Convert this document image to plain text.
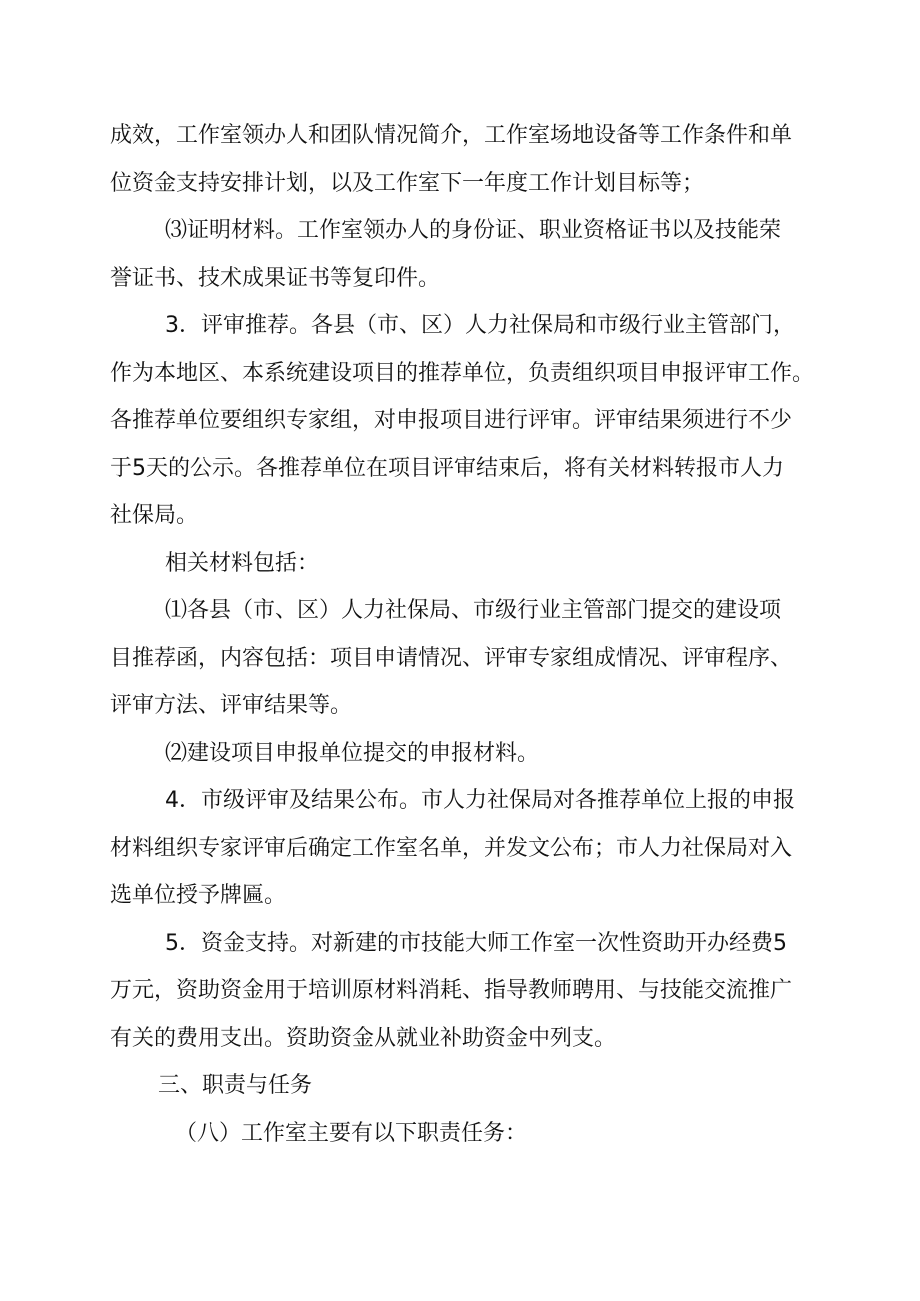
成效，工作室领办人和团队情况简介，工作室场地设备等工作条件和单

位资金支持安排计划，以及工作室下一年度工作计划目标等；

⑶证明材料。工作室领办人的身份证、职业资格证书以及技能荣

誉证书、技术成果证书等复印件。

3．评审推荐。各县（市、区）人力社保局和市级行业主管部门，

作为本地区、本系统建设项目的推荐单位，负责组织项目申报评审工作。

各推荐单位要组织专家组，对申报项目进行评审。评审结果须进行不少

于5天的公示。各推荐单位在项目评审结束后，将有关材料转报市人力

社保局。

相关材料包括：

⑴各县（市、区）人力社保局、市级行业主管部门提交的建设项

目推荐函，内容包括：项目申请情况、评审专家组成情况、评审程序、

评审方法、评审结果等。

⑵建设项目申报单位提交的申报材料。

4．市级评审及结果公布。市人力社保局对各推荐单位上报的申报

材料组织专家评审后确定工作室名单，并发文公布；市人力社保局对入

选单位授予牌匾。

5．资金支持。对新建的市技能大师工作室一次性资助开办经费5

万元，资助资金用于培训原材料消耗、指导教师聘用、与技能交流推广

有关的费用支出。资助资金从就业补助资金中列支。

三、职责与任务

（八）工作室主要有以下职责任务：
